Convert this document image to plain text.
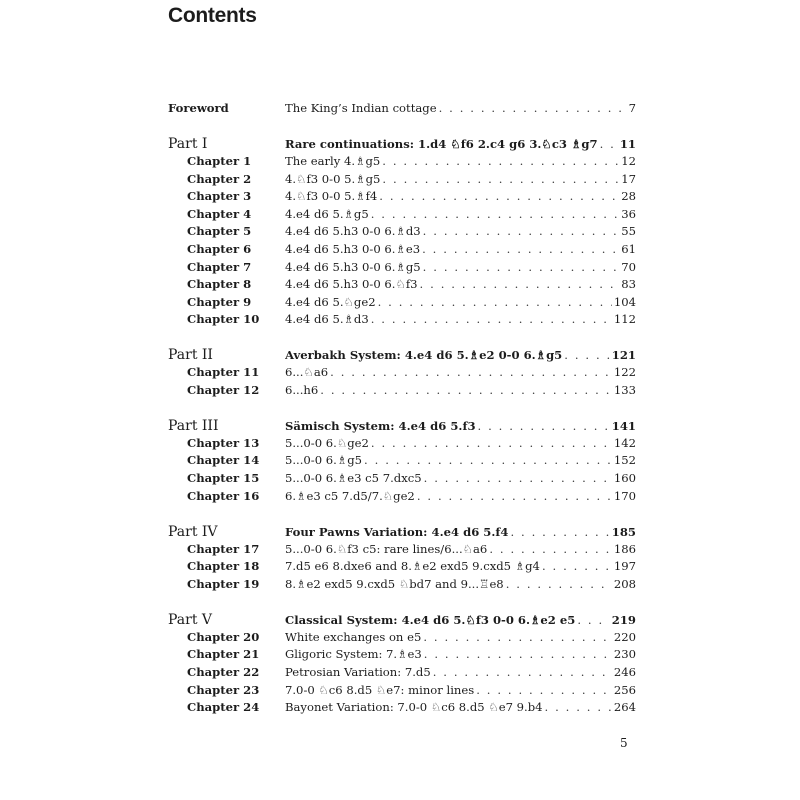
Contents
Foreword	The King’s Indian cottage . . .	7
Part I	Rare continuations: 1.d4 ♘f6 2.c4 g6 3.♘c3 ♗g7 . . . 11
Chapter 1	The early 4.♗g5 . . .	12
Chapter 2	4.♘f3 0-0 5.♗g5 . . .	17
Chapter 3	4.♘f3 0-0 5.♗f4 . . .	28
Chapter 4	4.e4 d6 5.♗g5 . . .	36
Chapter 5	4.e4 d6 5.h3 0-0 6.♗d3 . . .	55
Chapter 6	4.e4 d6 5.h3 0-0 6.♗e3 . . .	61
Chapter 7	4.e4 d6 5.h3 0-0 6.♗g5 . . .	70
Chapter 8	4.e4 d6 5.h3 0-0 6.♘f3 . . .	83
Chapter 9	4.e4 d6 5.♘ge2 . . .	104
Chapter 10	4.e4 d6 5.♗d3 . . .	112
Part II	Averbakh System: 4.e4 d6 5.♗e2 0-0 6.♗g5 . . .	121
Chapter 11	6...♘a6 . . .	122
Chapter 12	6...h6 . . .	133
Part III	Sämisch System: 4.e4 d6 5.f3 . . .	141
Chapter 13	5...0-0 6.♘ge2 . . .	142
Chapter 14	5...0-0 6.♗g5 . . .	152
Chapter 15	5...0-0 6.♗e3 c5 7.dxc5 . . .	160
Chapter 16	6.♗e3 c5 7.d5/7.♘ge2 . . .	170
Part IV	Four Pawns Variation: 4.e4 d6 5.f4 . . .	185
Chapter 17	5...0-0 6.♘f3 c5: rare lines/6...♘a6 . . .	186
Chapter 18	7.d5 e6 8.dxe6 and 8.♗e2 exd5 9.cxd5 ♗g4 . . .	197
Chapter 19	8.♗e2 exd5 9.cxd5 ♘bd7 and 9...♖e8 . . .	208
Part V	Classical System: 4.e4 d6 5.♘f3 0-0 6.♗e2 e5 . . .	219
Chapter 20	White exchanges on e5 . . .	220
Chapter 21	Gligoric System: 7.♗e3 . . .	230
Chapter 22	Petrosian Variation: 7.d5 . . .	246
Chapter 23	7.0-0 ♘c6 8.d5 ♘e7: minor lines . . .	256
Chapter 24	Bayonet Variation: 7.0-0 ♘c6 8.d5 ♘e7 9.b4 . . .	264
5
